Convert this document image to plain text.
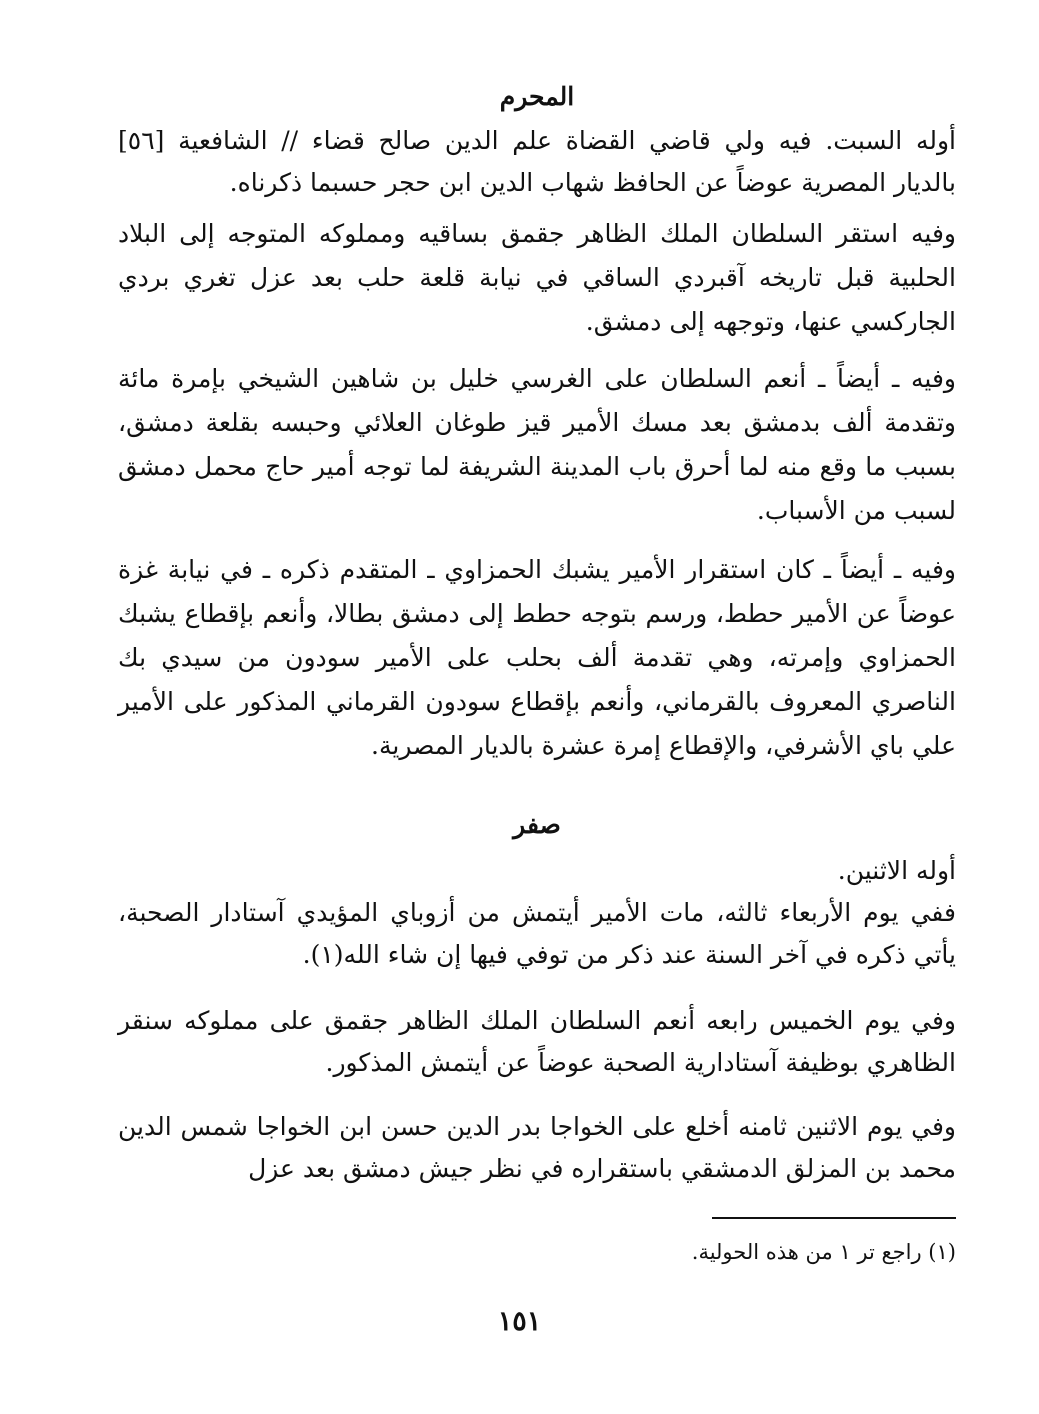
المحرم

أوله السبت. فيه ولي قاضي القضاة علم الدين صالح قضاء // الشافعية [٥٦] بالديار المصرية عوضاً عن الحافظ شهاب الدين ابن حجر حسبما ذكرناه.

وفيه استقر السلطان الملك الظاهر جقمق بساقيه ومملوكه المتوجه إلى البلاد الحلبية قبل تاريخه آقبردي الساقي في نيابة قلعة حلب بعد عزل تغري بردي الجاركسي عنها، وتوجهه إلى دمشق.

وفيه ـ أيضاً ـ أنعم السلطان على الغرسي خليل بن شاهين الشيخي بإمرة مائة وتقدمة ألف بدمشق بعد مسك الأمير قيز طوغان العلائي وحبسه بقلعة دمشق، بسبب ما وقع منه لما أحرق باب المدينة الشريفة لما توجه أمير حاج محمل دمشق لسبب من الأسباب.

وفيه ـ أيضاً ـ كان استقرار الأمير يشبك الحمزاوي ـ المتقدم ذكره ـ في نيابة غزة عوضاً عن الأمير حطط، ورسم بتوجه حطط إلى دمشق بطالا، وأنعم بإقطاع يشبك الحمزاوي وإمرته، وهي تقدمة ألف بحلب على الأمير سودون من سيدي بك الناصري المعروف بالقرماني، وأنعم بإقطاع سودون القرماني المذكور على الأمير علي باي الأشرفي، والإقطاع إمرة عشرة بالديار المصرية.

صفر

أوله الاثنين.

ففي يوم الأربعاء ثالثه، مات الأمير أيتمش من أزوباي المؤيدي آستادار الصحبة، يأتي ذكره في آخر السنة عند ذكر من توفي فيها إن شاء الله(١).

وفي يوم الخميس رابعه أنعم السلطان الملك الظاهر جقمق على مملوكه سنقر الظاهري بوظيفة آستادارية الصحبة عوضاً عن أيتمش المذكور.

وفي يوم الاثنين ثامنه أخلع على الخواجا بدر الدين حسن ابن الخواجا شمس الدين محمد بن المزلق الدمشقي باستقراره في نظر جيش دمشق بعد عزل

(١) راجع تر ١ من هذه الحولية.
١٥١
